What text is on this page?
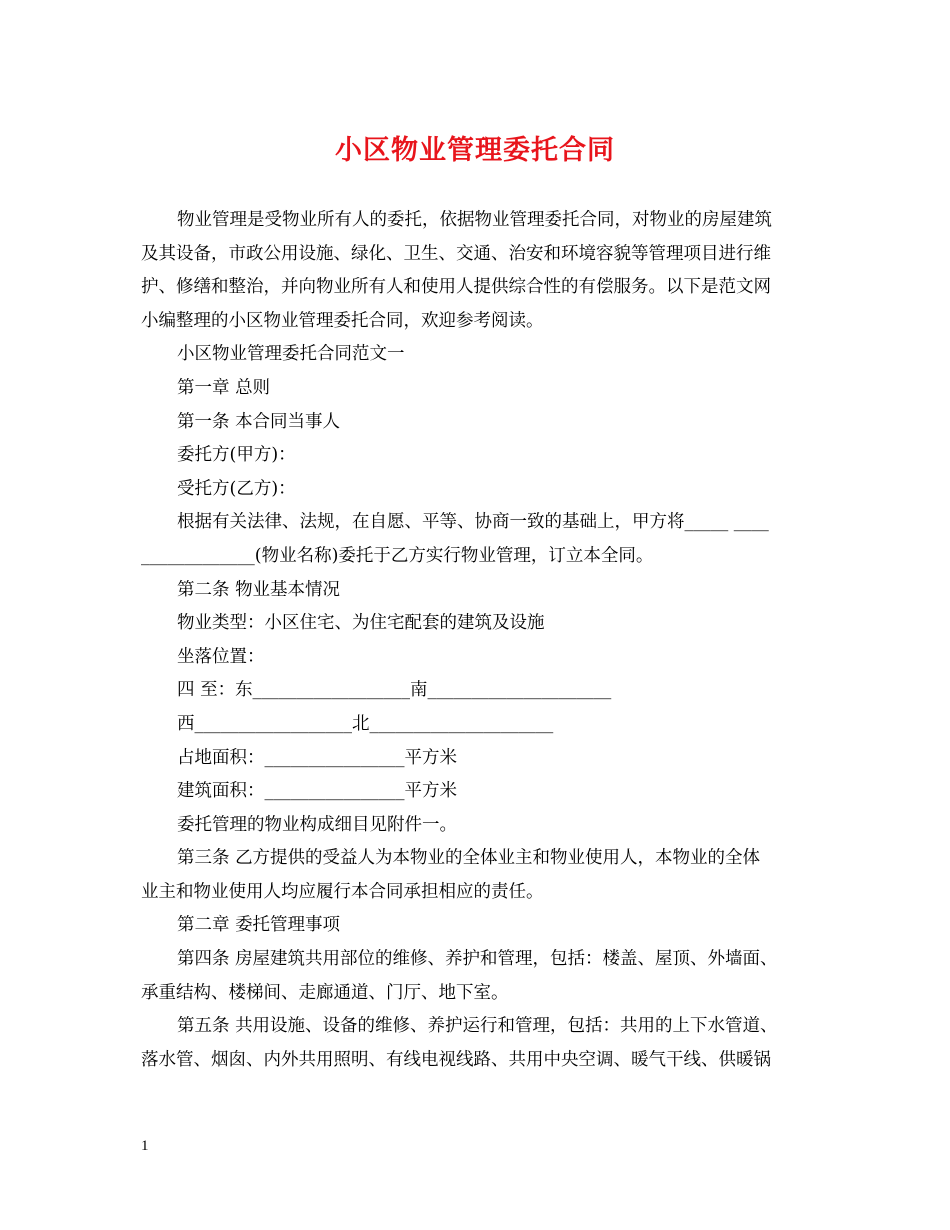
小区物业管理委托合同

物业管理是受物业所有人的委托，依据物业管理委托合同，对物业的房屋建筑

及其设备，市政公用设施、绿化、卫生、交通、治安和环境容貌等管理项目进行维

护、修缮和整治，并向物业所有人和使用人提供综合性的有偿服务。以下是范文网

小编整理的小区物业管理委托合同，欢迎参考阅读。

小区物业管理委托合同范文一

第一章 总则

第一条 本合同当事人

委托方(甲方)：

受托方(乙方)：

根据有关法律、法规，在自愿、平等、协商一致的基础上，甲方将_____ ____

_____________(物业名称)委托于乙方实行物业管理，订立本全同。

第二条 物业基本情况

物业类型：小区住宅、为住宅配套的建筑及设施

坐落位置：

四 至：东__________________南_____________________

西__________________北_____________________

占地面积：________________平方米

建筑面积：________________平方米

委托管理的物业构成细目见附件一。

第三条 乙方提供的受益人为本物业的全体业主和物业使用人，本物业的全体

业主和物业使用人均应履行本合同承担相应的责任。

第二章 委托管理事项

第四条 房屋建筑共用部位的维修、养护和管理，包括：楼盖、屋顶、外墙面、

承重结构、楼梯间、走廊通道、门厅、地下室。

第五条 共用设施、设备的维修、养护运行和管理，包括：共用的上下水管道、

落水管、烟囱、内外共用照明、有线电视线路、共用中央空调、暖气干线、供暖锅

1
